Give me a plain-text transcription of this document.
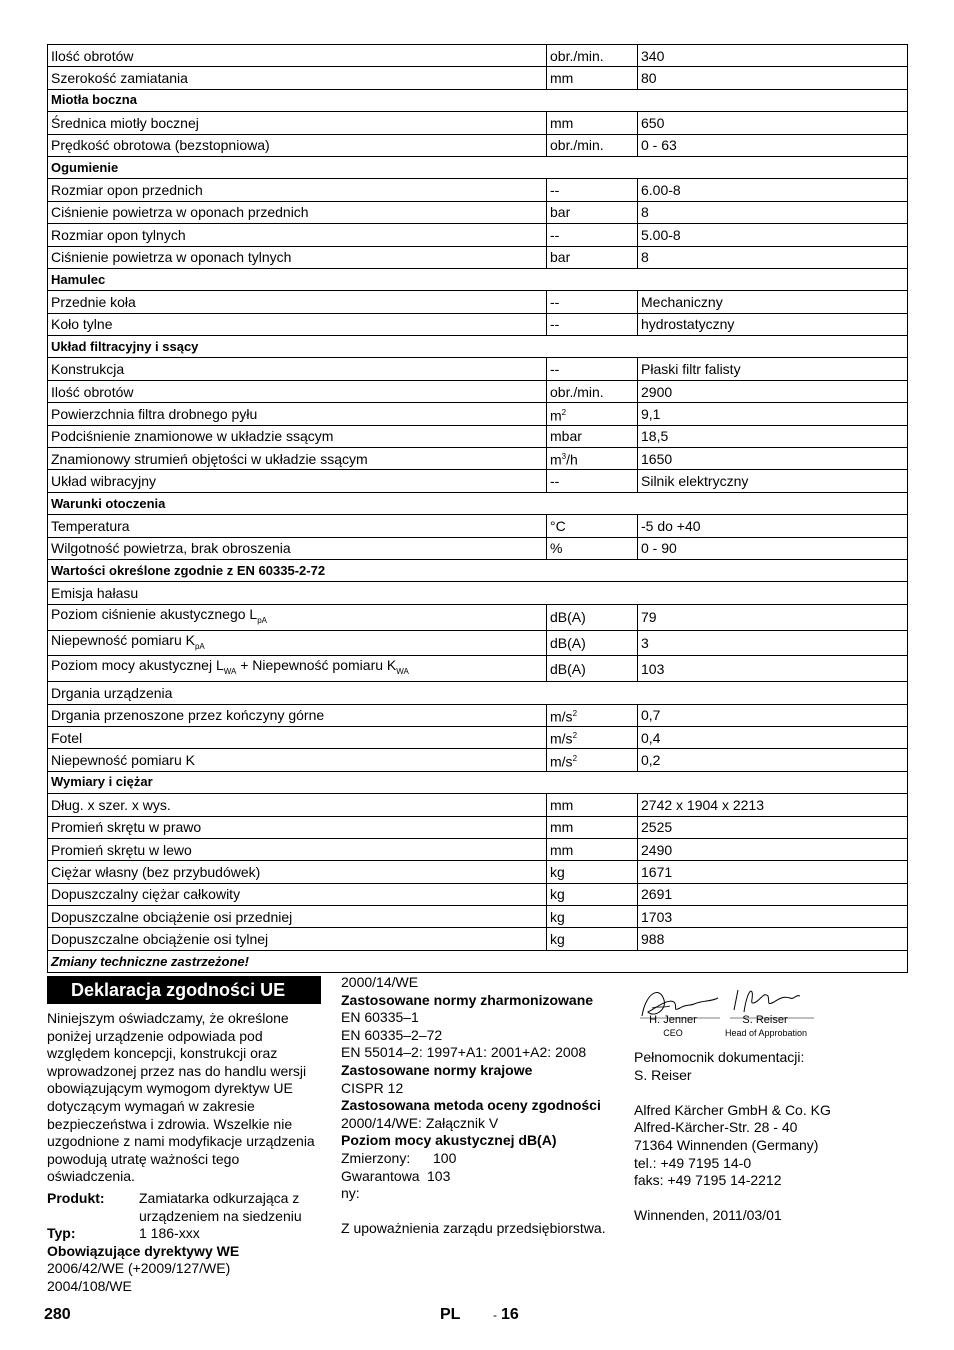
Ilość obrotów	obr./min.	340
Szerokość zamiatania	mm	80
Miotła boczna		
Średnica miotły bocznej	mm	650
Prędkość obrotowa (bezstopniowa)	obr./min.	0 - 63
Ogumienie		
Rozmiar opon przednich	--	6.00-8
Ciśnienie powietrza w oponach przednich	bar	8
Rozmiar opon tylnych	--	5.00-8
Ciśnienie powietrza w oponach tylnych	bar	8
Hamulec		
Przednie koła	--	Mechaniczny
Koło tylne	--	hydrostatyczny
Układ filtracyjny i ssący		
Konstrukcja	--	Płaski filtr falisty
Ilość obrotów	obr./min.	2900
Powierzchnia filtra drobnego pyłu	$m^2$	9,1
Podciśnienie znamionowe w układzie ssącym	mbar	18,5
Znamionowy strumień objętości w układzie ssącym	$m^3/h$	1650
Układ wibracyjny	--	Silnik elektryczny
Warunki otoczenia		
Temperatura	°C	-5 do +40
Wilgotność powietrza, brak obroszenia	%	0 - 90
Wartości określone zgodnie z EN 60335-2-72		
Emisja hałasu		
Poziom ciśnienie akustycznego $L_{pA}$	dB(A)	79
Niepewność pomiaru $K_{pA}$	dB(A)	3
Poziom mocy akustycznej $L_{WA}$ + Niepewność pomiaru $K_{WA}$	dB(A)	103
Drgania urządzenia		
Drgania przenoszone przez kończyny górne	$m/s^2$	0,7
Fotel	$m/s^2$	0,4
Niepewność pomiaru K	$m/s^2$	0,2
Wymiary i ciężar		
Dług. x szer. x wys.	mm	2742 x 1904 x 2213
Promień skrętu w prawo	mm	2525
Promień skrętu w lewo	mm	2490
Ciężar własny (bez przybudówek)	kg	1671
Dopuszczalny ciężar całkowity	kg	2691
Dopuszczalne obciążenie osi przedniej	kg	1703
Dopuszczalne obciążenie osi tylnej	kg	988
Zmiany techniczne zastrzeżone!		
Deklaracja zgodności UE
Niniejszym oświadczamy, że określone poniżej urządzenie odpowiada pod względem koncepcji, konstrukcji oraz wprowadzonej przez nas do handlu wersji obowiązującym wymogom dyrektyw UE dotyczącym wymagań w zakresie bezpieczeństwa i zdrowia. Wszelkie nie uzgodnione z nami modyfikacje urządzenia powodują utratę ważności tego oświadczenia.
Produkt:	Zamiatarka odkurzająca z urządzeniem na siedzeniu
Typ:	1 186-xxx
Obowiązujące dyrektywy WE
2006/42/WE (+2009/127/WE)
2004/108/WE
2000/14/WE
Zastosowane normy zharmonizowane
EN 60335–1
EN 60335–2–72
EN 55014–2: 1997+A1: 2001+A2: 2008
Zastosowane normy krajowe
CISPR 12
Zastosowana metoda oceny zgodności
2000/14/WE: Załącznik V
Poziom mocy akustycznej dB(A)
Zmierzony:	100
Gwarantowany:
103
Z upoważnienia zarządu przedsiębiorstwa.
H. Jenner
CEO
S. Reiser
Head of Approbation
Pełnomocnik dokumentacji:
S. Reiser
Alfred Kärcher GmbH & Co. KG
Alfred-Kärcher-Str. 28 - 40
71364 Winnenden (Germany)
tel.: +49 7195 14-0
faks: +49 7195 14-2212
Winnenden, 2011/03/01
280	PL	- 16
